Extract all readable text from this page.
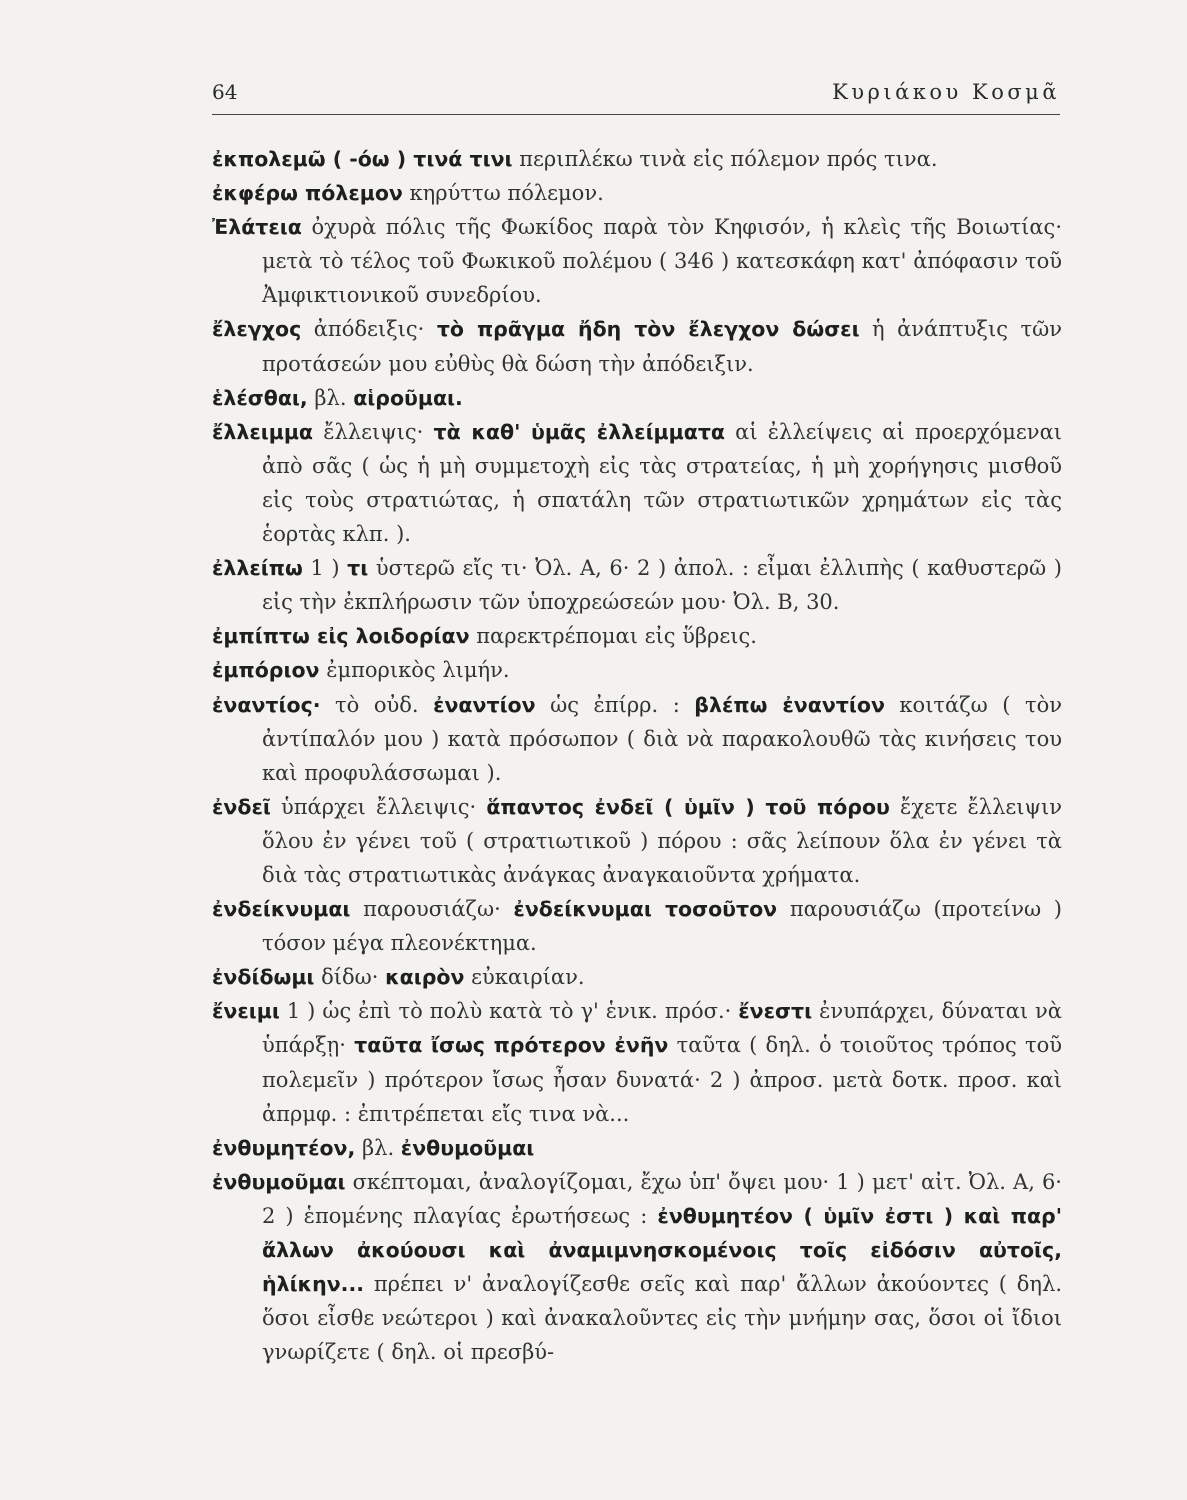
64	Κυριάκου Κοσμᾶ

ἐκπολεμῶ ( -όω ) τινά τινι περιπλέκω τινὰ εἰς πόλεμον πρός τινα.

ἐκφέρω πόλεμον κηρύττω πόλεμον.

Ἐλάτεια ὀχυρὰ πόλις τῆς Φωκίδος παρὰ τὸν Κηφισόν, ἡ κλεὶς τῆς Βοιωτίας· μετὰ τὸ τέλος τοῦ Φωκικοῦ πολέμου ( 346 ) κατεσκάφη κατ' ἀπόφασιν τοῦ Ἀμφικτιονικοῦ συνεδρίου.

ἔλεγχος ἀπόδειξις· τὸ πρᾶγμα ἤδη τὸν ἔλεγχον δώσει ἡ ἀνάπτυξις τῶν προτάσεών μου εὐθὺς θὰ δώση τὴν ἀπόδειξιν.

ἑλέσθαι, βλ. αἱροῦμαι.

ἔλλειμμα ἔλλειψις· τὰ καθ' ὑμᾶς ἐλλείμματα αἱ ἐλλείψεις αἱ προερχόμεναι ἀπὸ σᾶς ( ὡς ἡ μὴ συμμετοχὴ εἰς τὰς στρατείας, ἡ μὴ χορήγησις μισθοῦ εἰς τοὺς στρατιώτας, ἡ σπατάλη τῶν στρατιωτικῶν χρημάτων εἰς τὰς ἑορτὰς κλπ. ).

ἐλλείπω 1 ) τι ὑστερῶ εἴς τι· Ὀλ. Α, 6· 2 ) ἀπολ. : εἶμαι ἐλλιπὴς ( καθυστερῶ ) εἰς τὴν ἐκπλήρωσιν τῶν ὑποχρεώσεών μου· Ὀλ. Β, 30.

ἐμπίπτω εἰς λοιδορίαν παρεκτρέπομαι εἰς ὕβρεις.

ἐμπόριον ἐμπορικὸς λιμήν.

ἐναντίος· τὸ οὐδ. ἐναντίον ὡς ἐπίρρ. : βλέπω ἐναντίον κοιτάζω ( τὸν ἀντίπαλόν μου ) κατὰ πρόσωπον ( διὰ νὰ παρακολουθῶ τὰς κινήσεις του καὶ προφυλάσσωμαι ).

ἐνδεῖ ὑπάρχει ἔλλειψις· ἅπαντος ἐνδεῖ ( ὑμῖν ) τοῦ πόρου ἔχετε ἔλλειψιν ὅλου ἐν γένει τοῦ ( στρατιωτικοῦ ) πόρου : σᾶς λείπουν ὅλα ἐν γένει τὰ διὰ τὰς στρατιωτικὰς ἀνάγκας ἀναγκαιοῦντα χρήματα.

ἐνδείκνυμαι παρουσιάζω· ἐνδείκνυμαι τοσοῦτον παρουσιάζω (προτείνω ) τόσον μέγα πλεονέκτημα.

ἐνδίδωμι δίδω· καιρὸν εὐκαιρίαν.

ἔνειμι 1 ) ὡς ἐπὶ τὸ πολὺ κατὰ τὸ γ' ἑνικ. πρόσ.· ἔνεστι ἐνυπάρχει, δύναται νὰ ὑπάρξῃ· ταῦτα ἴσως πρότερον ἐνῆν ταῦτα ( δηλ. ὁ τοιοῦτος τρόπος τοῦ πολεμεῖν ) πρότερον ἴσως ἦσαν δυνατά· 2 ) ἀπροσ. μετὰ δοτκ. προσ. καὶ ἀπρμφ. : ἐπιτρέπεται εἴς τινα νὰ...

ἐνθυμητέον, βλ. ἐνθυμοῦμαι

ἐνθυμοῦμαι σκέπτομαι, ἀναλογίζομαι, ἔχω ὑπ' ὄψει μου· 1 ) μετ' αἰτ. Ὀλ. Α, 6· 2 ) ἑπομένης πλαγίας ἐρωτήσεως : ἐνθυμητέον ( ὑμῖν ἐστι ) καὶ παρ' ἄλλων ἀκούουσι καὶ ἀναμιμνησκομένοις τοῖς εἰδόσιν αὐτοῖς, ἡλίκην... πρέπει ν' ἀναλογίζεσθε σεῖς καὶ παρ' ἄλλων ἀκούοντες ( δηλ. ὅσοι εἶσθε νεώτεροι ) καὶ ἀνακαλοῦντες εἰς τὴν μνήμην σας, ὅσοι οἱ ἴδιοι γνωρίζετε ( δηλ. οἱ πρεσβύ-
